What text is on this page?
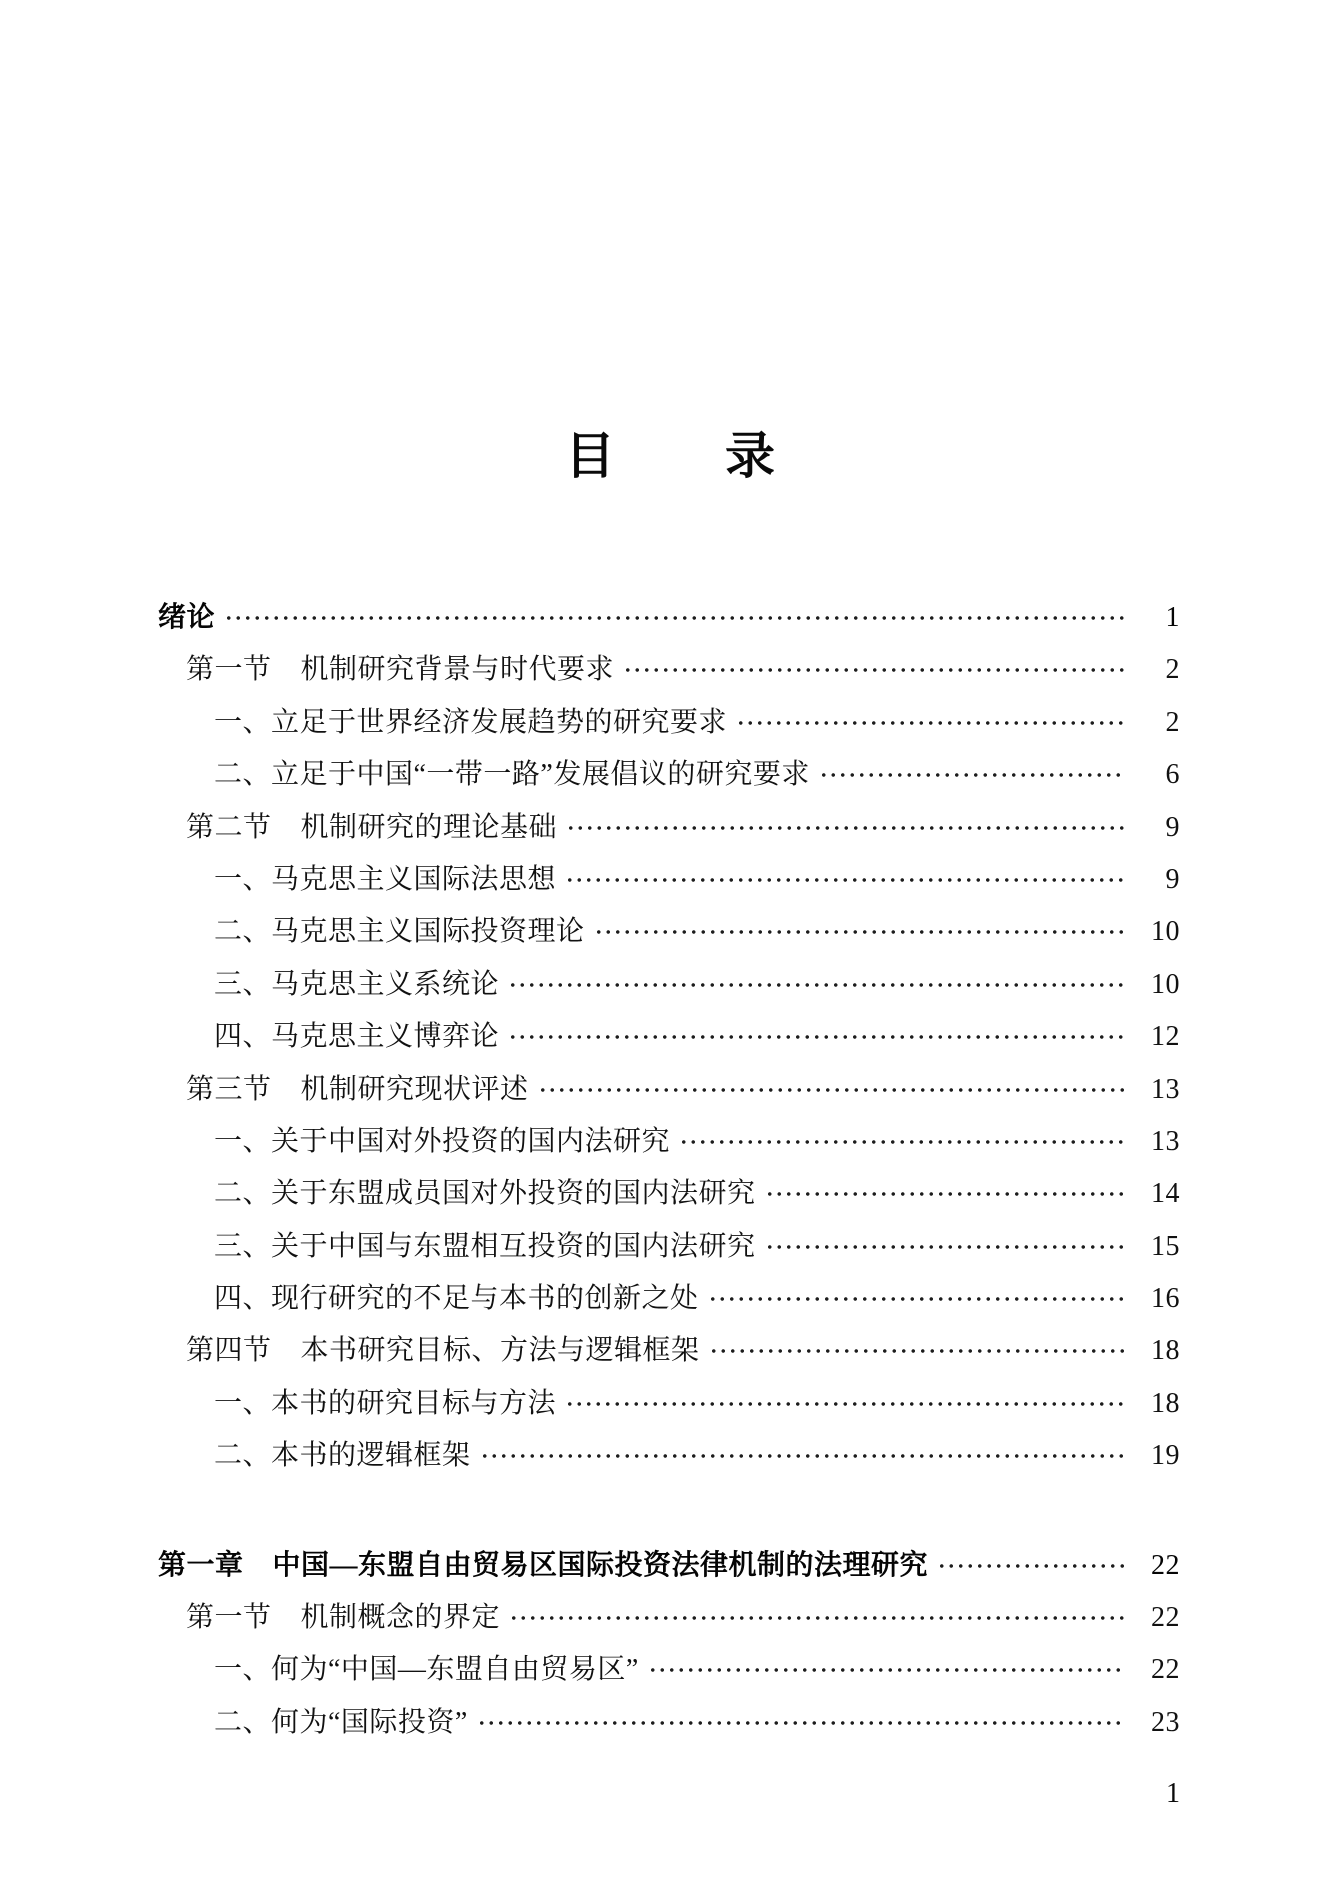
目 录
绪论	1
第一节 机制研究背景与时代要求	2
一、立足于世界经济发展趋势的研究要求	2
二、立足于中国“一带一路”发展倡议的研究要求	6
第二节 机制研究的理论基础	9
一、马克思主义国际法思想	9
二、马克思主义国际投资理论	10
三、马克思主义系统论	10
四、马克思主义博弈论	12
第三节 机制研究现状评述	13
一、关于中国对外投资的国内法研究	13
二、关于东盟成员国对外投资的国内法研究	14
三、关于中国与东盟相互投资的国内法研究	15
四、现行研究的不足与本书的创新之处	16
第四节 本书研究目标、方法与逻辑框架	18
一、本书的研究目标与方法	18
二、本书的逻辑框架	19
第一章 中国—东盟自由贸易区国际投资法律机制的法理研究	22
第一节 机制概念的界定	22
一、何为“中国—东盟自由贸易区”	22
二、何为“国际投资”	23
1
